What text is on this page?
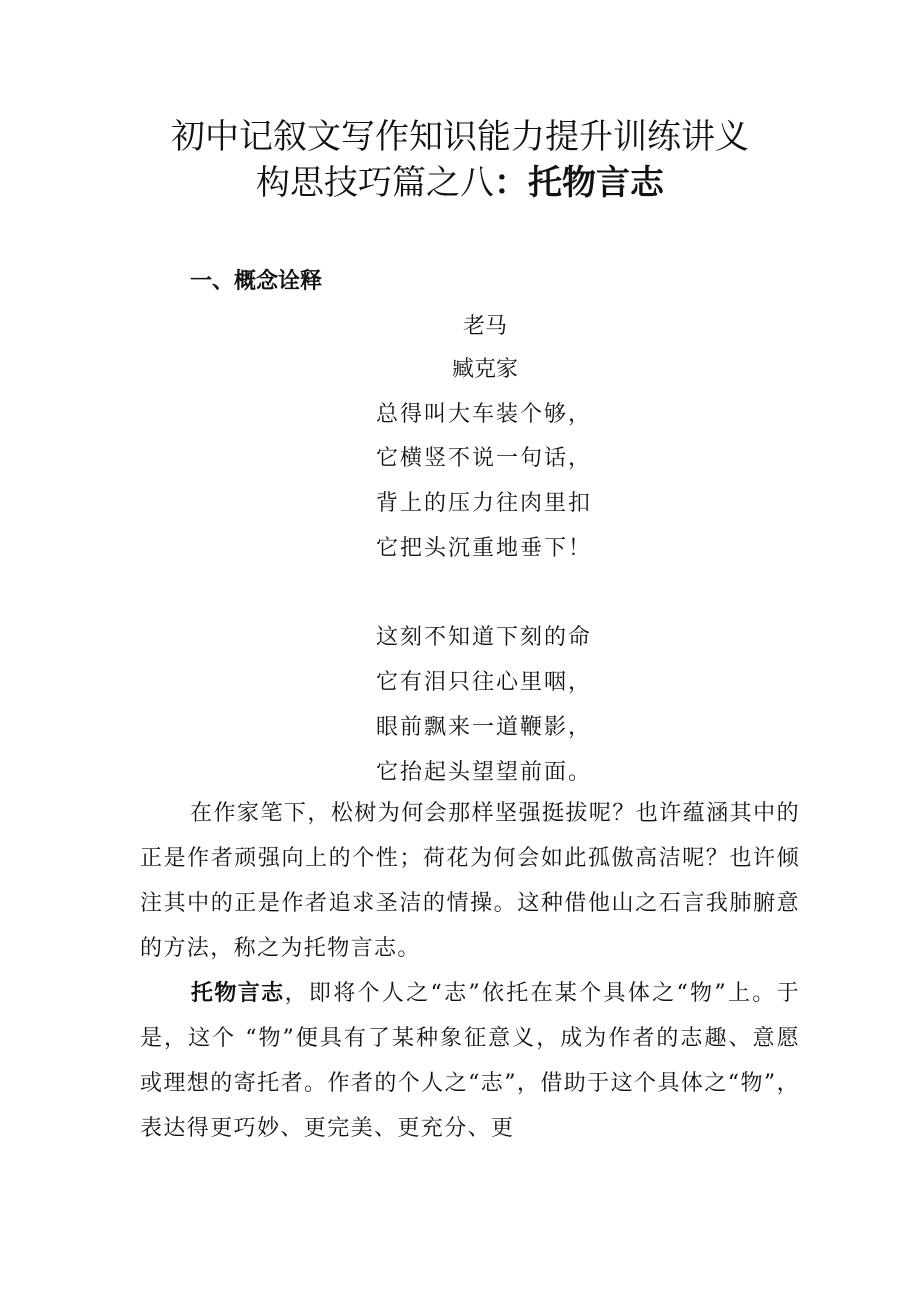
初中记叙文写作知识能力提升训练讲义
构思技巧篇之八：托物言志
一、概念诠释
老马
臧克家
总得叫大车装个够，
它横竖不说一句话，
背上的压力往肉里扣
它把头沉重地垂下！
这刻不知道下刻的命
它有泪只往心里咽，
眼前飘来一道鞭影，
它抬起头望望前面。
在作家笔下，松树为何会那样坚强挺拔呢？也许蕴涵其中的正是作者顽强向上的个性；荷花为何会如此孤傲高洁呢？也许倾注其中的正是作者追求圣洁的情操。这种借他山之石言我肺腑意的方法，称之为托物言志。
托物言志，即将个人之“志”依托在某个具体之“物”上。于是，这个 “物”便具有了某种象征意义，成为作者的志趣、意愿或理想的寄托者。作者的个人之“志”，借助于这个具体之“物”，表达得更巧妙、更完美、更充分、更
